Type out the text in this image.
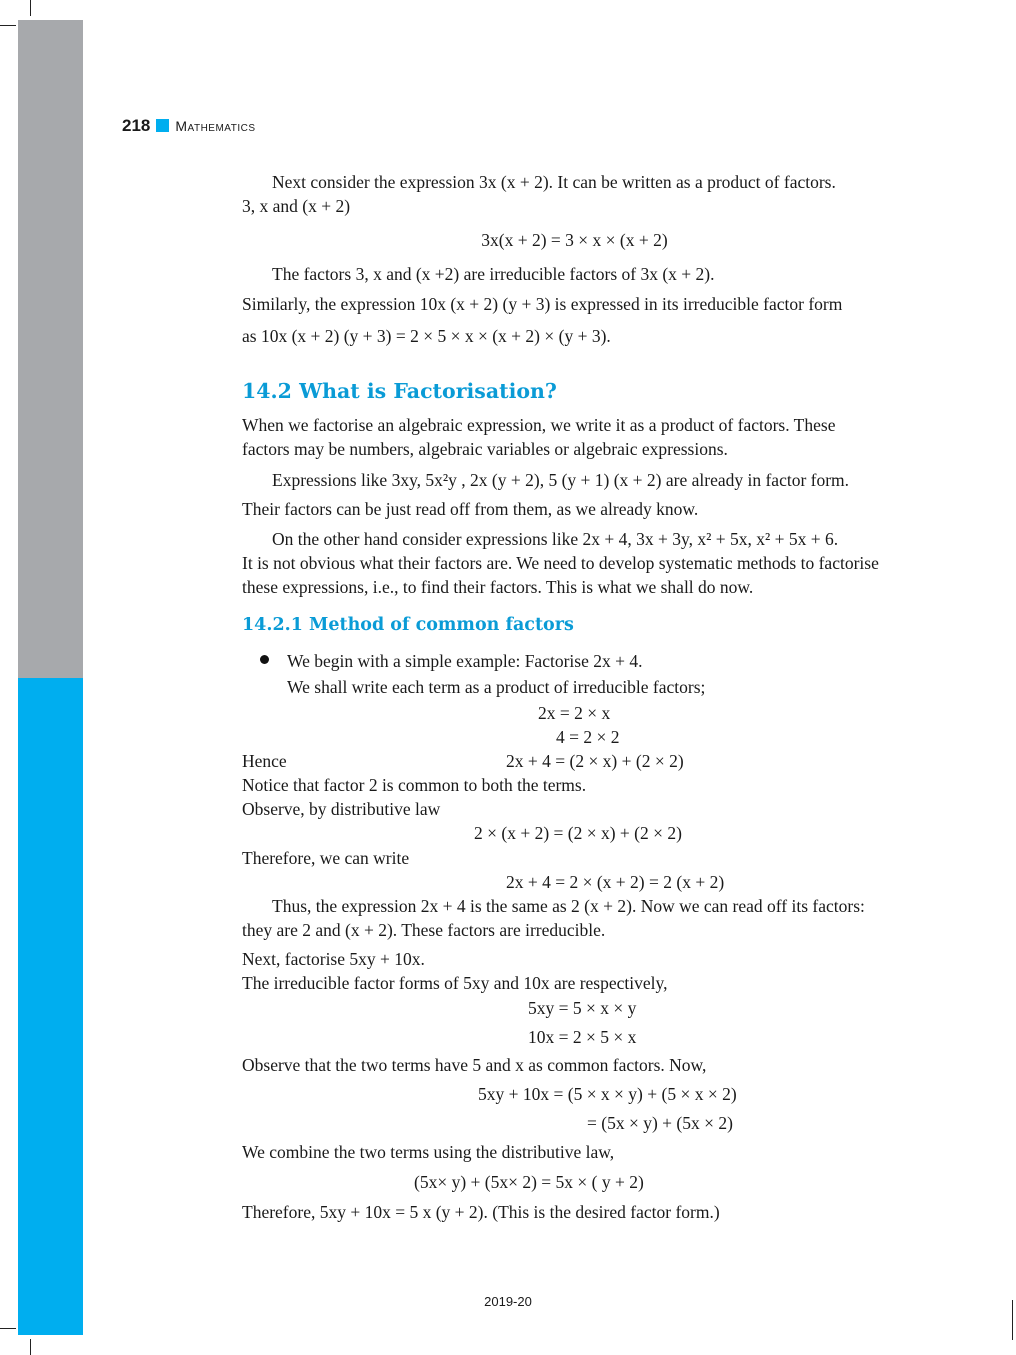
218 Mathematics
Next consider the expression 3x (x + 2). It can be written as a product of factors.
3, x and (x + 2)
3x(x + 2) = 3 × x × (x + 2)
The factors 3, x and (x +2) are irreducible factors of 3x (x + 2).
Similarly, the expression 10x (x + 2) (y + 3) is expressed in its irreducible factor form
as 10x (x + 2) (y + 3) = 2 × 5 × x × (x + 2) × (y + 3).
14.2 What is Factorisation?
When we factorise an algebraic expression, we write it as a product of factors. These
factors may be numbers, algebraic variables or algebraic expressions.
Expressions like 3xy, 5x²y , 2x (y + 2), 5 (y + 1) (x + 2) are already in factor form.
Their factors can be just read off from them, as we already know.
On the other hand consider expressions like 2x + 4, 3x + 3y, x² + 5x, x² + 5x + 6.
It is not obvious what their factors are. We need to develop systematic methods to factorise
these expressions, i.e., to find their factors. This is what we shall do now.
14.2.1 Method of common factors
We begin with a simple example: Factorise 2x + 4.
We shall write each term as a product of irreducible factors;
2x = 2 × x
4 = 2 × 2
Hence	2x + 4 = (2 × x) + (2 × 2)
Notice that factor 2 is common to both the terms.
Observe, by distributive law
2 × (x + 2) = (2 × x) + (2 × 2)
Therefore, we can write
2x + 4 = 2 × (x + 2) = 2 (x + 2)
Thus, the expression 2x + 4 is the same as 2 (x + 2). Now we can read off its factors:
they are 2 and (x + 2). These factors are irreducible.
Next, factorise 5xy + 10x.
The irreducible factor forms of 5xy and 10x are respectively,
5xy = 5 × x × y
10x = 2 × 5 × x
Observe that the two terms have 5 and x as common factors. Now,
5xy + 10x = (5 × x × y) + (5 × x × 2)
= (5x × y) + (5x × 2)
We combine the two terms using the distributive law,
(5x× y) + (5x× 2) = 5x × ( y + 2)
Therefore, 5xy + 10x = 5 x (y + 2). (This is the desired factor form.)
2019-20
